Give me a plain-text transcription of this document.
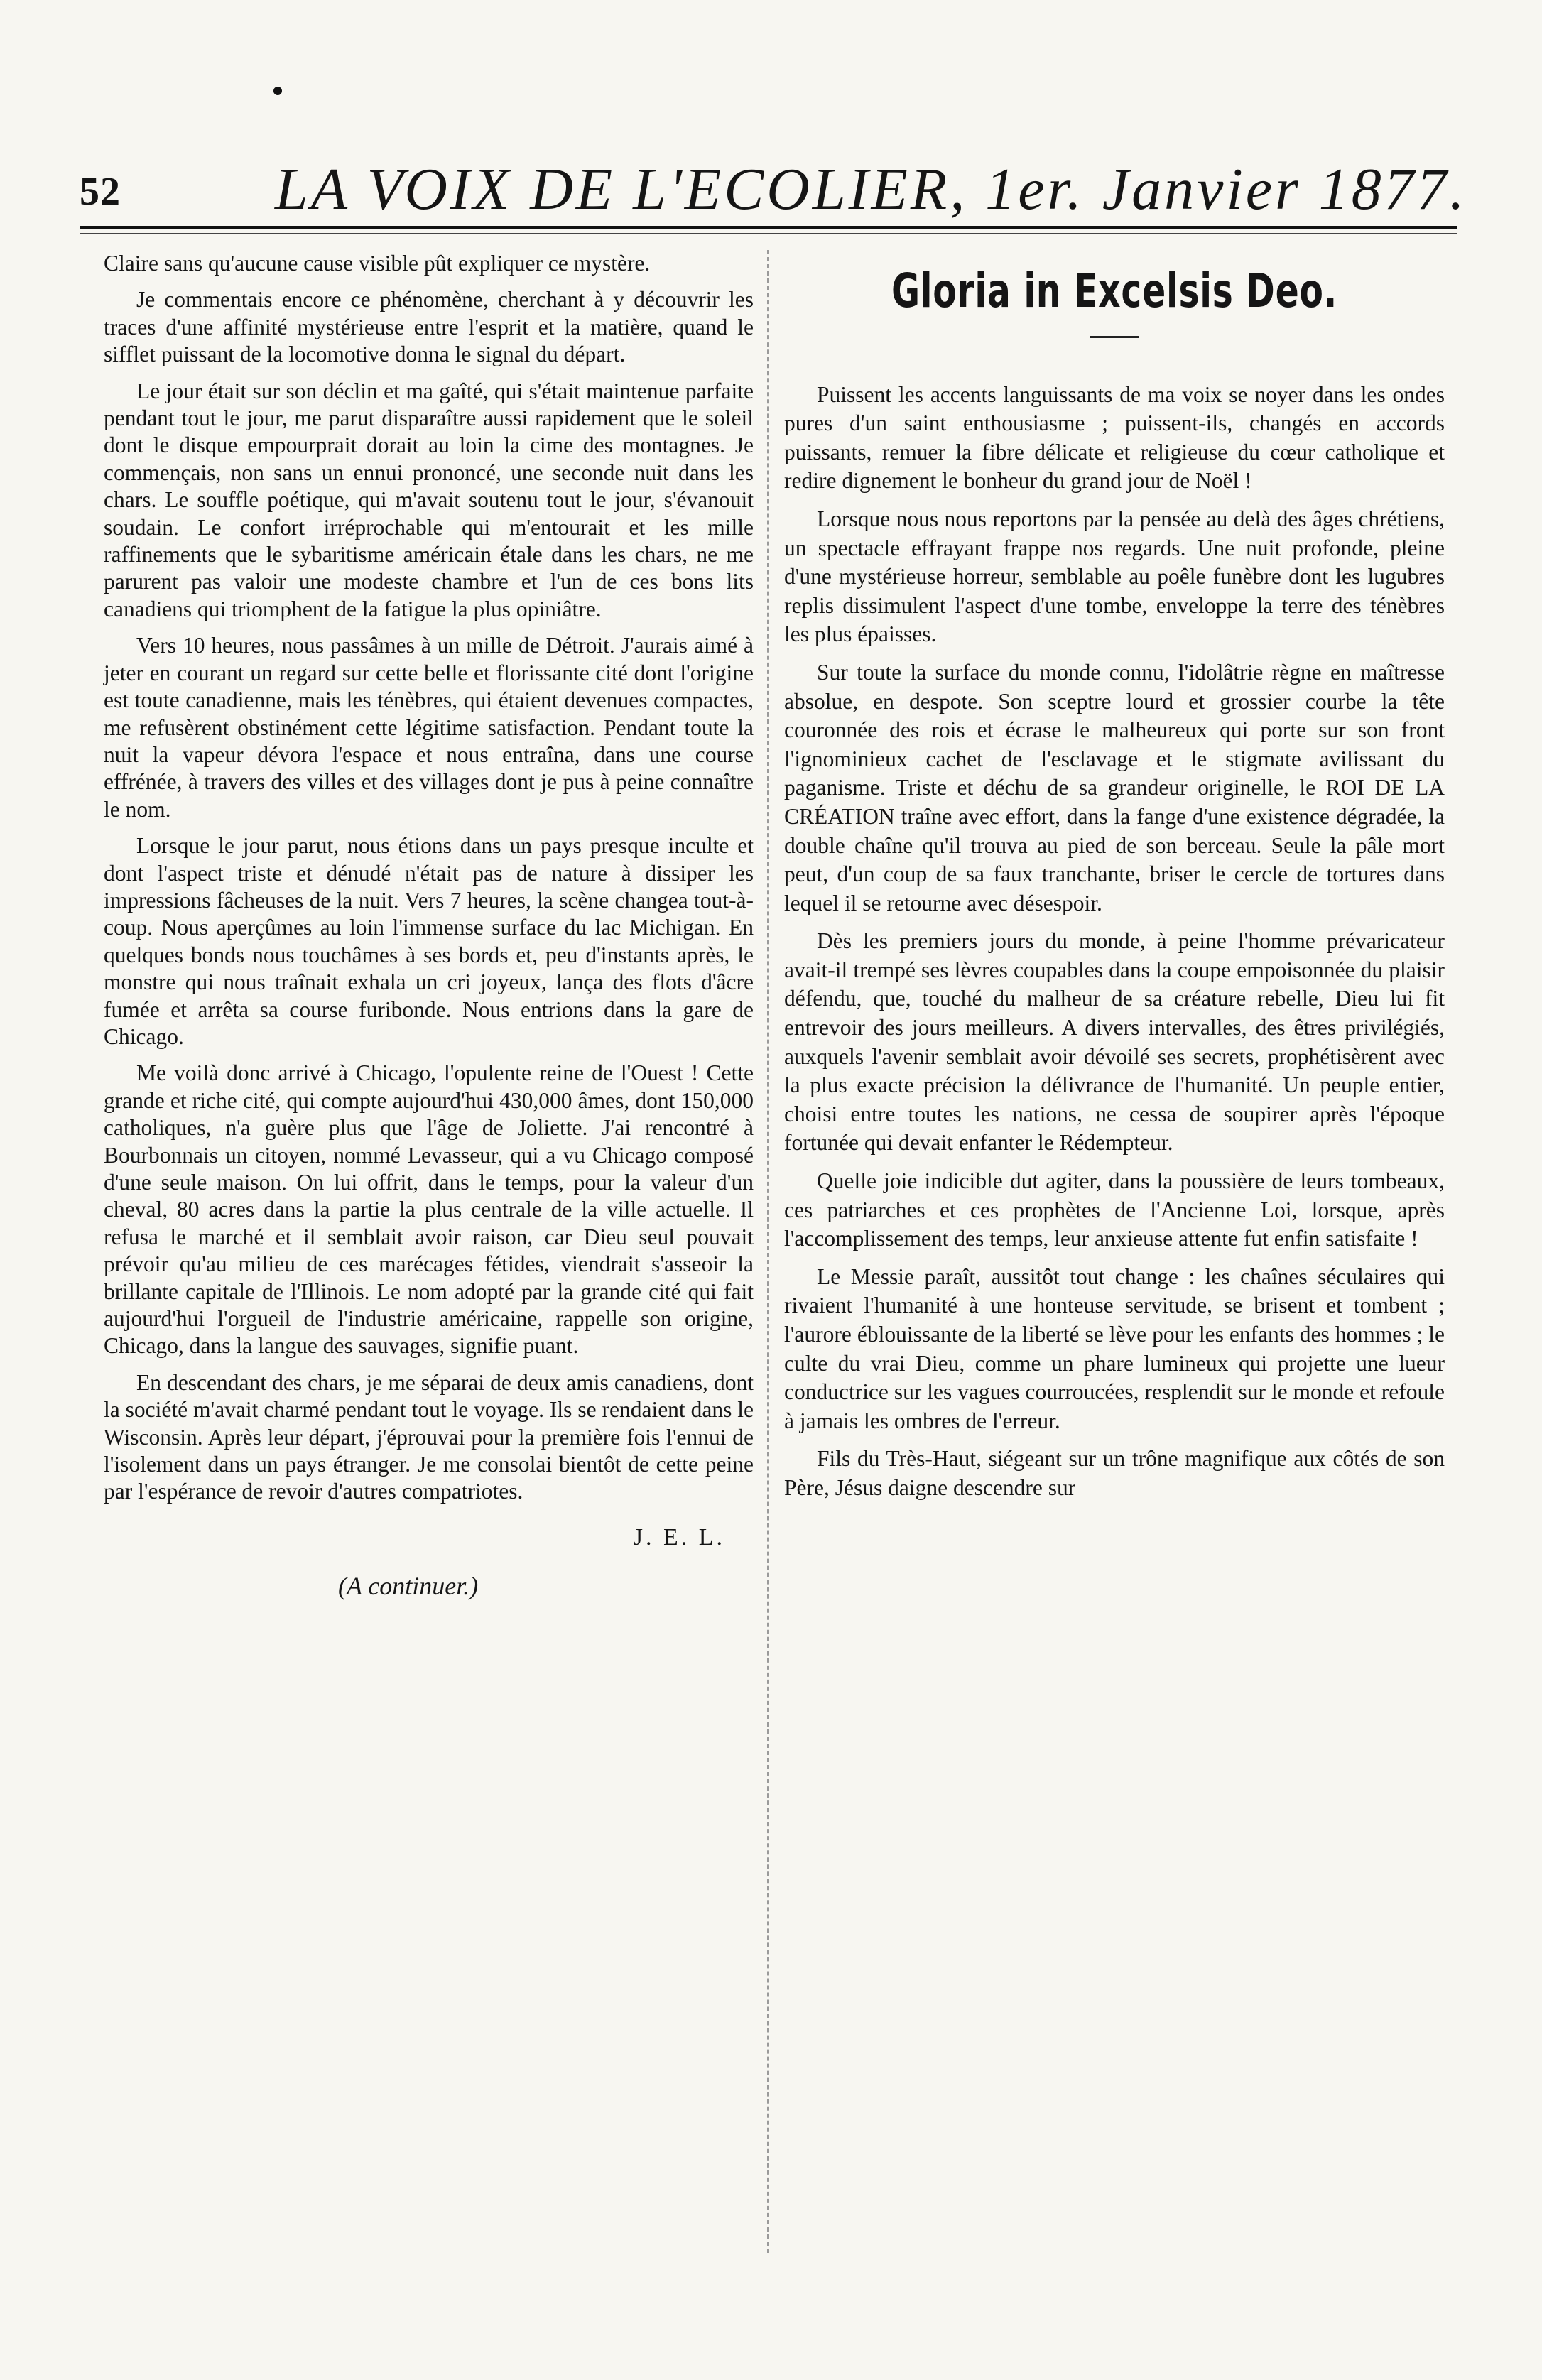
52	LA VOIX DE L'ECOLIER, 1er. Janvier 1877.

Claire sans qu'aucune cause visible pût expliquer ce mystère.

Je commentais encore ce phénomène, cherchant à y découvrir les traces d'une affinité mystérieuse entre l'esprit et la matière, quand le sifflet puissant de la locomotive donna le signal du départ.

Le jour était sur son déclin et ma gaîté, qui s'était maintenue parfaite pendant tout le jour, me parut disparaître aussi rapidement que le soleil dont le disque empourprait dorait au loin la cime des montagnes. Je commençais, non sans un ennui prononcé, une seconde nuit dans les chars. Le souffle poétique, qui m'avait soutenu tout le jour, s'évanouit soudain. Le confort irréprochable qui m'entourait et les mille raffinements que le sybaritisme américain étale dans les chars, ne me parurent pas valoir une modeste chambre et l'un de ces bons lits canadiens qui triomphent de la fatigue la plus opiniâtre.

Vers 10 heures, nous passâmes à un mille de Détroit. J'aurais aimé à jeter en courant un regard sur cette belle et florissante cité dont l'origine est toute canadienne, mais les ténèbres, qui étaient devenues compactes, me refusèrent obstinément cette légitime satisfaction. Pendant toute la nuit la vapeur dévora l'espace et nous entraîna, dans une course effrénée, à travers des villes et des villages dont je pus à peine connaître le nom.

Lorsque le jour parut, nous étions dans un pays presque inculte et dont l'aspect triste et dénudé n'était pas de nature à dissiper les impressions fâcheuses de la nuit. Vers 7 heures, la scène changea tout-à-coup. Nous aperçûmes au loin l'immense surface du lac Michigan. En quelques bonds nous touchâmes à ses bords et, peu d'instants après, le monstre qui nous traînait exhala un cri joyeux, lança des flots d'âcre fumée et arrêta sa course furibonde. Nous entrions dans la gare de Chicago.

Me voilà donc arrivé à Chicago, l'opulente reine de l'Ouest ! Cette grande et riche cité, qui compte aujourd'hui 430,000 âmes, dont 150,000 catholiques, n'a guère plus que l'âge de Joliette. J'ai rencontré à Bourbonnais un citoyen, nommé Levasseur, qui a vu Chicago composé d'une seule maison. On lui offrit, dans le temps, pour la valeur d'un cheval, 80 acres dans la partie la plus centrale de la ville actuelle. Il refusa le marché et il semblait avoir raison, car Dieu seul pouvait prévoir qu'au milieu de ces marécages fétides, viendrait s'asseoir la brillante capitale de l'Illinois. Le nom adopté par la grande cité qui fait aujourd'hui l'orgueil de l'industrie américaine, rappelle son origine, Chicago, dans la langue des sauvages, signifie puant.

En descendant des chars, je me séparai de deux amis canadiens, dont la société m'avait charmé pendant tout le voyage. Ils se rendaient dans le Wisconsin. Après leur départ, j'éprouvai pour la première fois l'ennui de l'isolement dans un pays étranger. Je me consolai bientôt de cette peine par l'espérance de revoir d'autres compatriotes.

J. E. L.
(A continuer.)
Gloria in Excelsis Deo.

Puissent les accents languissants de ma voix se noyer dans les ondes pures d'un saint enthousiasme ; puissent-ils, changés en accords puissants, remuer la fibre délicate et religieuse du cœur catholique et redire dignement le bonheur du grand jour de Noël !

Lorsque nous nous reportons par la pensée au delà des âges chrétiens, un spectacle effrayant frappe nos regards. Une nuit profonde, pleine d'une mystérieuse horreur, semblable au poêle funèbre dont les lugubres replis dissimulent l'aspect d'une tombe, enveloppe la terre des ténèbres les plus épaisses.

Sur toute la surface du monde connu, l'idolâtrie règne en maîtresse absolue, en despote. Son sceptre lourd et grossier courbe la tête couronnée des rois et écrase le malheureux qui porte sur son front l'ignominieux cachet de l'esclavage et le stigmate avilissant du paganisme. Triste et déchu de sa grandeur originelle, le ROI DE LA CRÉATION traîne avec effort, dans la fange d'une existence dégradée, la double chaîne qu'il trouva au pied de son berceau. Seule la pâle mort peut, d'un coup de sa faux tranchante, briser le cercle de tortures dans lequel il se retourne avec désespoir.

Dès les premiers jours du monde, à peine l'homme prévaricateur avait-il trempé ses lèvres coupables dans la coupe empoisonnée du plaisir défendu, que, touché du malheur de sa créature rebelle, Dieu lui fit entrevoir des jours meilleurs. A divers intervalles, des êtres privilégiés, auxquels l'avenir semblait avoir dévoilé ses secrets, prophétisèrent avec la plus exacte précision la délivrance de l'humanité. Un peuple entier, choisi entre toutes les nations, ne cessa de soupirer après l'époque fortunée qui devait enfanter le Rédempteur.

Quelle joie indicible dut agiter, dans la poussière de leurs tombeaux, ces patriarches et ces prophètes de l'Ancienne Loi, lorsque, après l'accomplissement des temps, leur anxieuse attente fut enfin satisfaite !

Le Messie paraît, aussitôt tout change : les chaînes séculaires qui rivaient l'humanité à une honteuse servitude, se brisent et tombent ; l'aurore éblouissante de la liberté se lève pour les enfants des hommes ; le culte du vrai Dieu, comme un phare lumineux qui projette une lueur conductrice sur les vagues courroucées, resplendit sur le monde et refoule à jamais les ombres de l'erreur.

Fils du Très-Haut, siégeant sur un trône magnifique aux côtés de son Père, Jésus daigne descendre sur
